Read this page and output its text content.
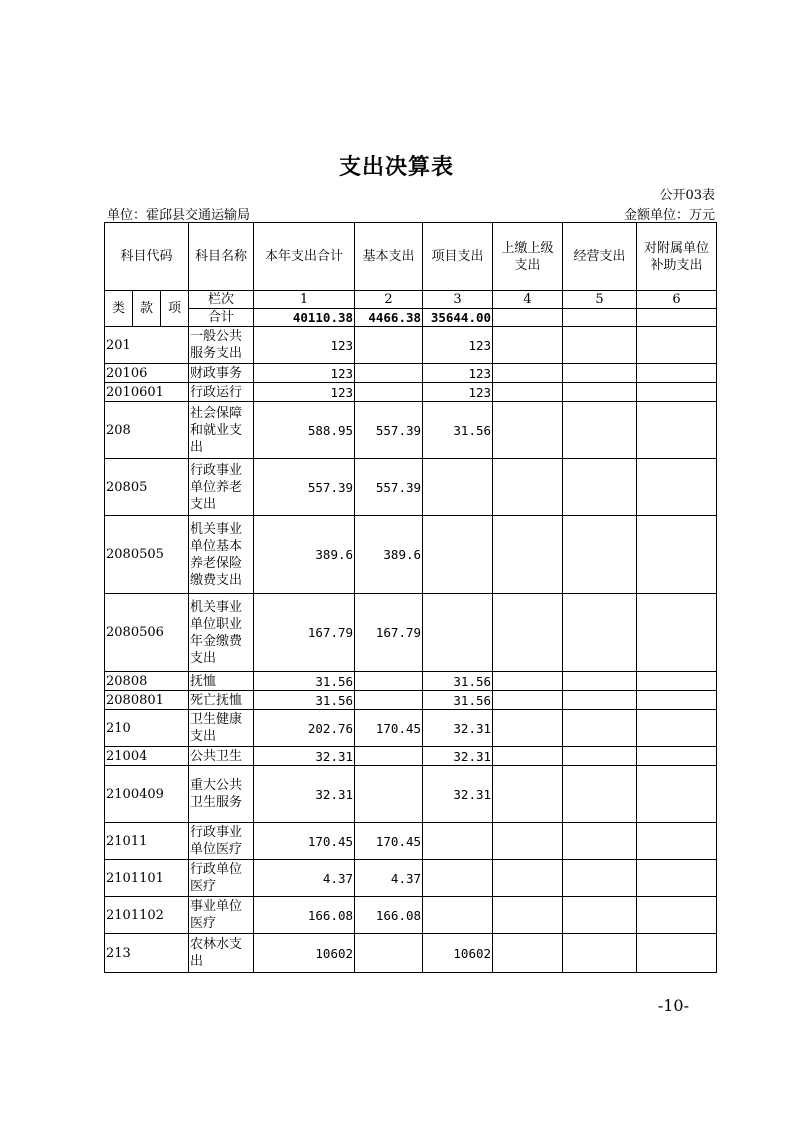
支出决算表
公开03表
单位：霍邱县交通运输局	金额单位：万元
科目代码			科目名称	本年支出合计	基本支出	项目支出	上缴上级支出	经营支出	对附属单位补助支出
类	款	项	栏次	1	2	3	4	5	6
			合计	40110.38	4466.38	35644.00			
201			一般公共服务支出	123		123			
20106			财政事务	123		123			
2010601			行政运行	123		123			
208			社会保障和就业支出	588.95	557.39	31.56			
20805			行政事业单位养老支出	557.39	557.39				
2080505			机关事业单位基本养老保险缴费支出	389.6	389.6				
2080506			机关事业单位职业年金缴费支出	167.79	167.79				
20808			抚恤	31.56		31.56			
2080801			死亡抚恤	31.56		31.56			
210			卫生健康支出	202.76	170.45	32.31			
21004			公共卫生	32.31		32.31			
2100409			重大公共卫生服务	32.31		32.31			
21011			行政事业单位医疗	170.45	170.45				
2101101			行政单位医疗	4.37	4.37				
2101102			事业单位医疗	166.08	166.08				
213			农林水支出	10602		10602			
-10-
